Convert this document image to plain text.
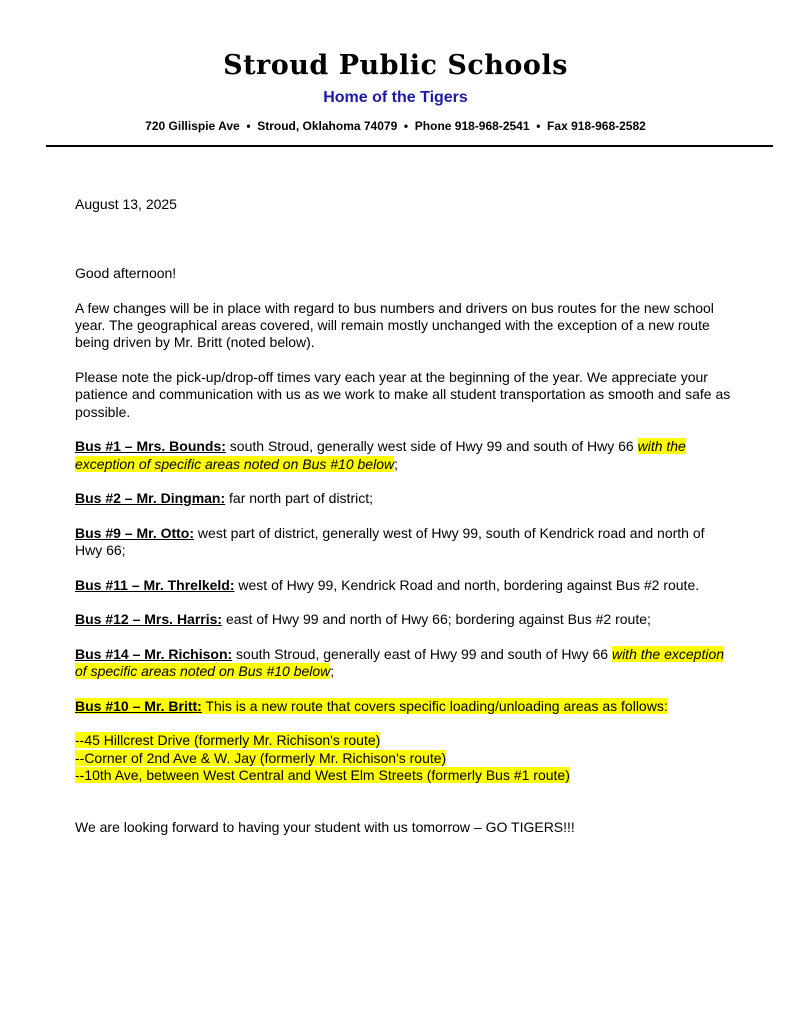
Stroud Public Schools
Home of the Tigers
720 Gillispie Ave  •  Stroud, Oklahoma 74079  •  Phone 918-968-2541  •  Fax 918-968-2582

August 13, 2025

Good afternoon!

A few changes will be in place with regard to bus numbers and drivers on bus routes for the new school year. The geographical areas covered, will remain mostly unchanged with the exception of a new route being driven by Mr. Britt (noted below).

Please note the pick-up/drop-off times vary each year at the beginning of the year. We appreciate your patience and communication with us as we work to make all student transportation as smooth and safe as possible.

Bus #1 – Mrs. Bounds: south Stroud, generally west side of Hwy 99 and south of Hwy 66 with the exception of specific areas noted on Bus #10 below;

Bus #2 – Mr. Dingman: far north part of district;

Bus #9 – Mr. Otto: west part of district, generally west of Hwy 99, south of Kendrick road and north of Hwy 66;

Bus #11 – Mr. Threlkeld: west of Hwy 99, Kendrick Road and north, bordering against Bus #2 route.

Bus #12 – Mrs. Harris: east of Hwy 99 and north of Hwy 66; bordering against Bus #2 route;

Bus #14 – Mr. Richison: south Stroud, generally east of Hwy 99 and south of Hwy 66 with the exception of specific areas noted on Bus #10 below;

Bus #10 – Mr. Britt: This is a new route that covers specific loading/unloading areas as follows:

--45 Hillcrest Drive (formerly Mr. Richison's route)

--Corner of 2nd Ave & W. Jay (formerly Mr. Richison's route)

--10th Ave, between West Central and West Elm Streets (formerly Bus #1 route)

We are looking forward to having your student with us tomorrow – GO TIGERS!!!
